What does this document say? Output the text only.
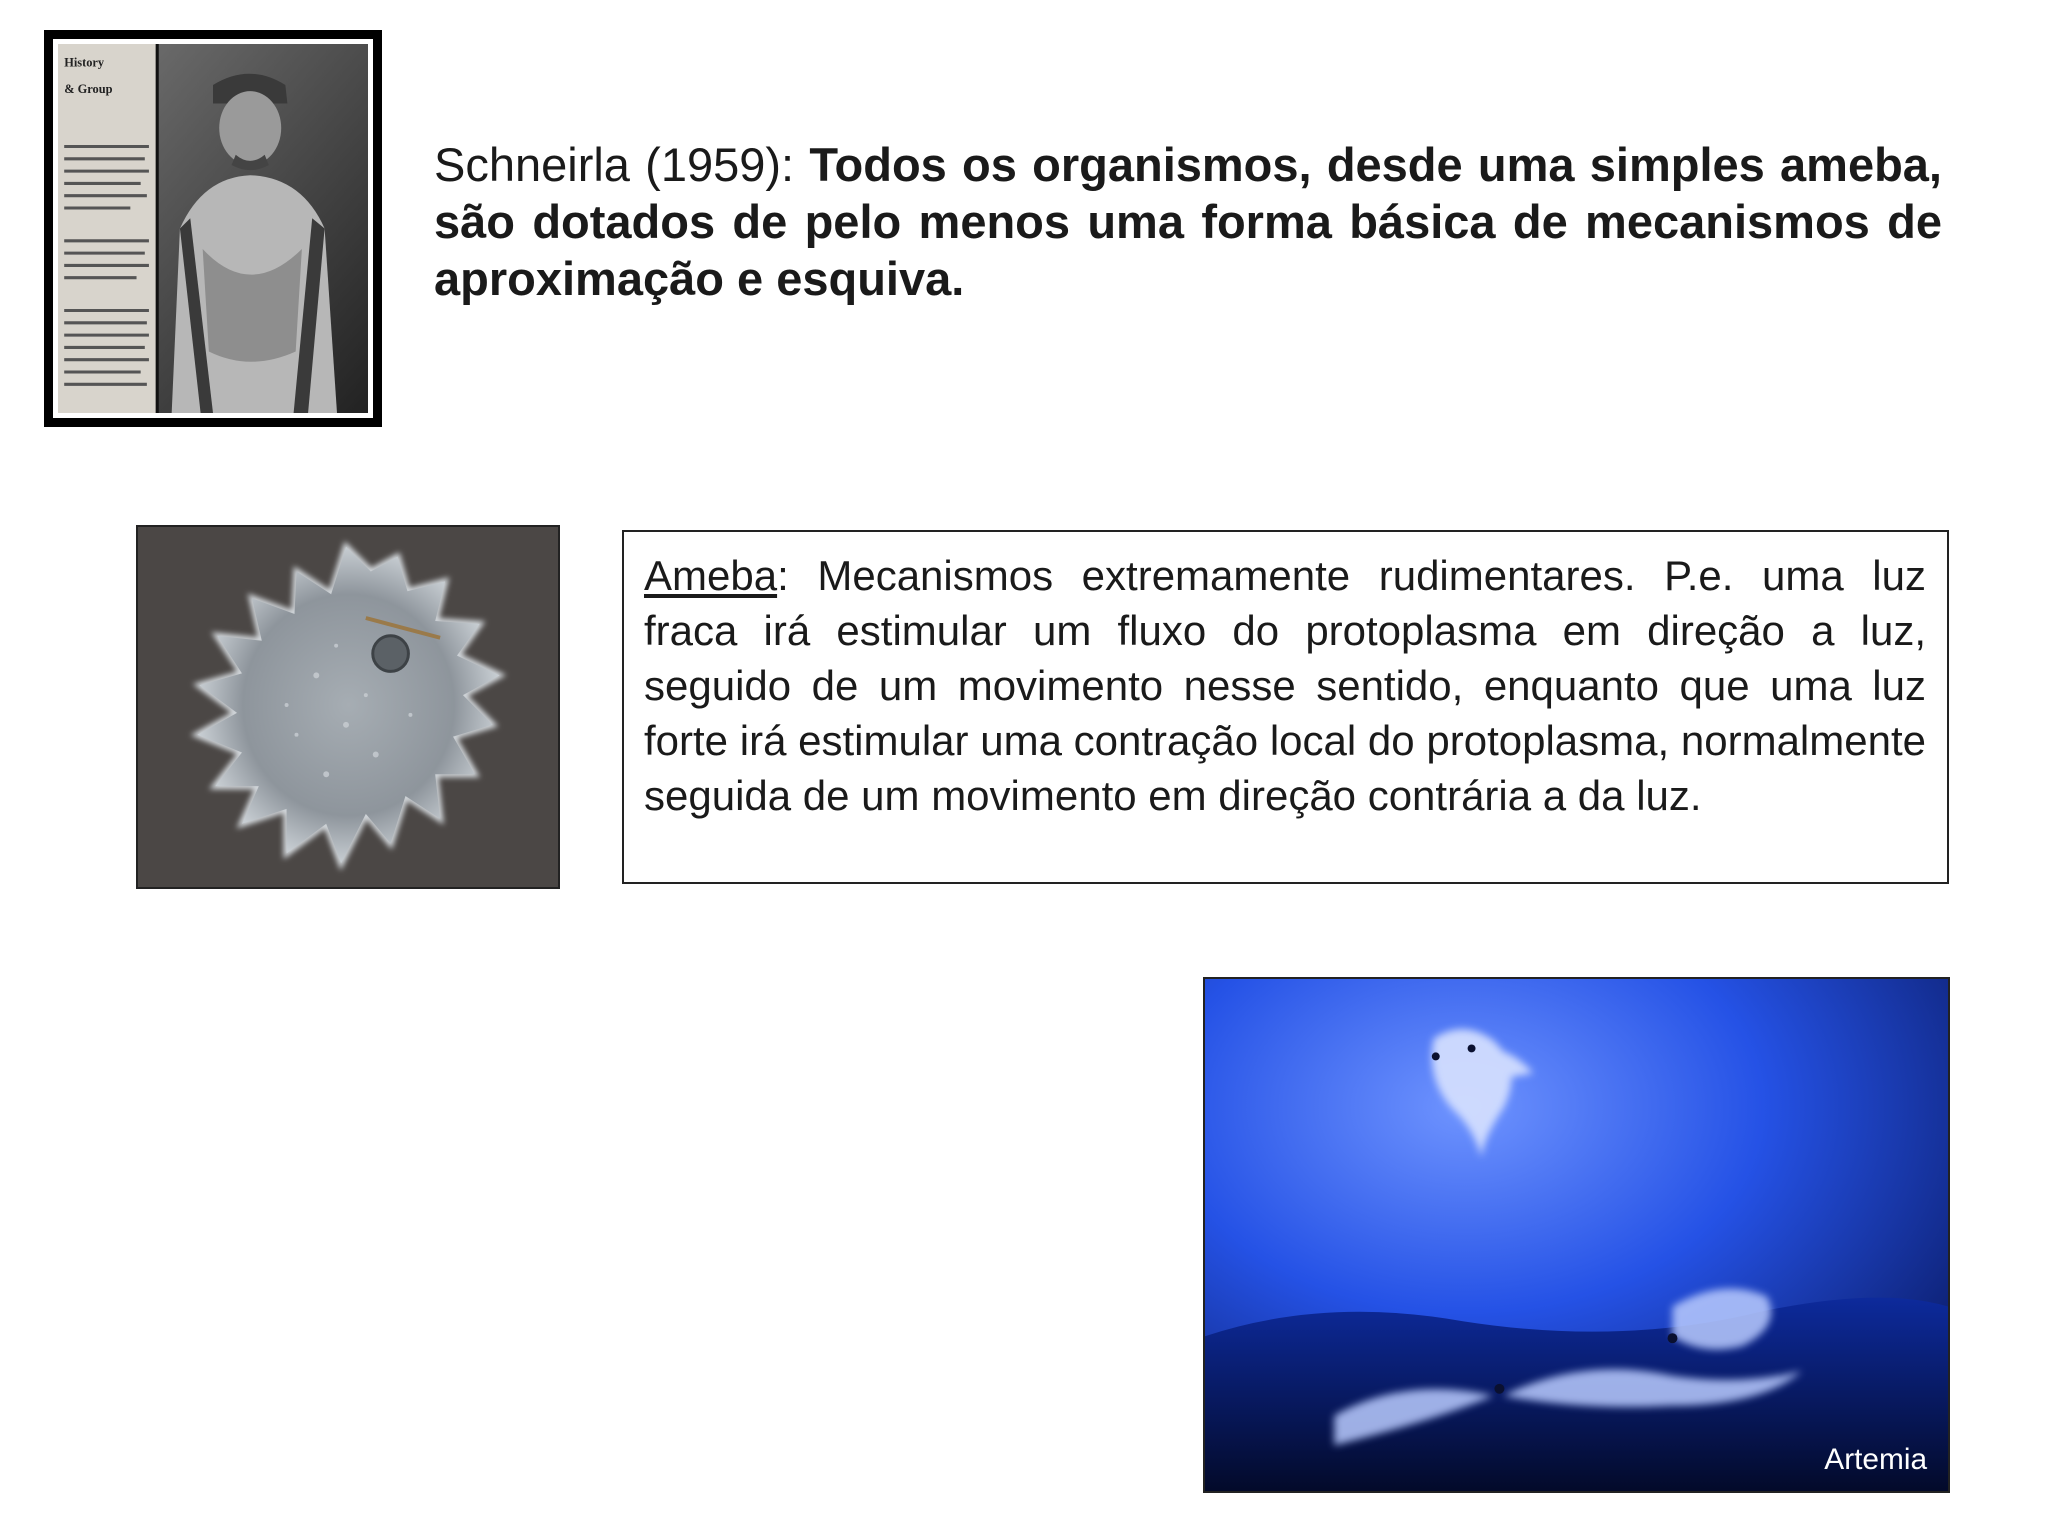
History
& Group
Schneirla (1959): Todos os organismos, desde uma simples ameba, são dotados de pelo menos uma forma básica de mecanismos de aproximação e esquiva.
Ameba: Mecanismos extremamente rudimentares. P.e. uma luz fraca irá estimular um fluxo do protoplasma em direção a luz, seguido de um movimento nesse sentido, enquanto que uma luz forte irá estimular uma contração local do protoplasma, normalmente seguida de um movimento em direção contrária a da luz.
Artemia
